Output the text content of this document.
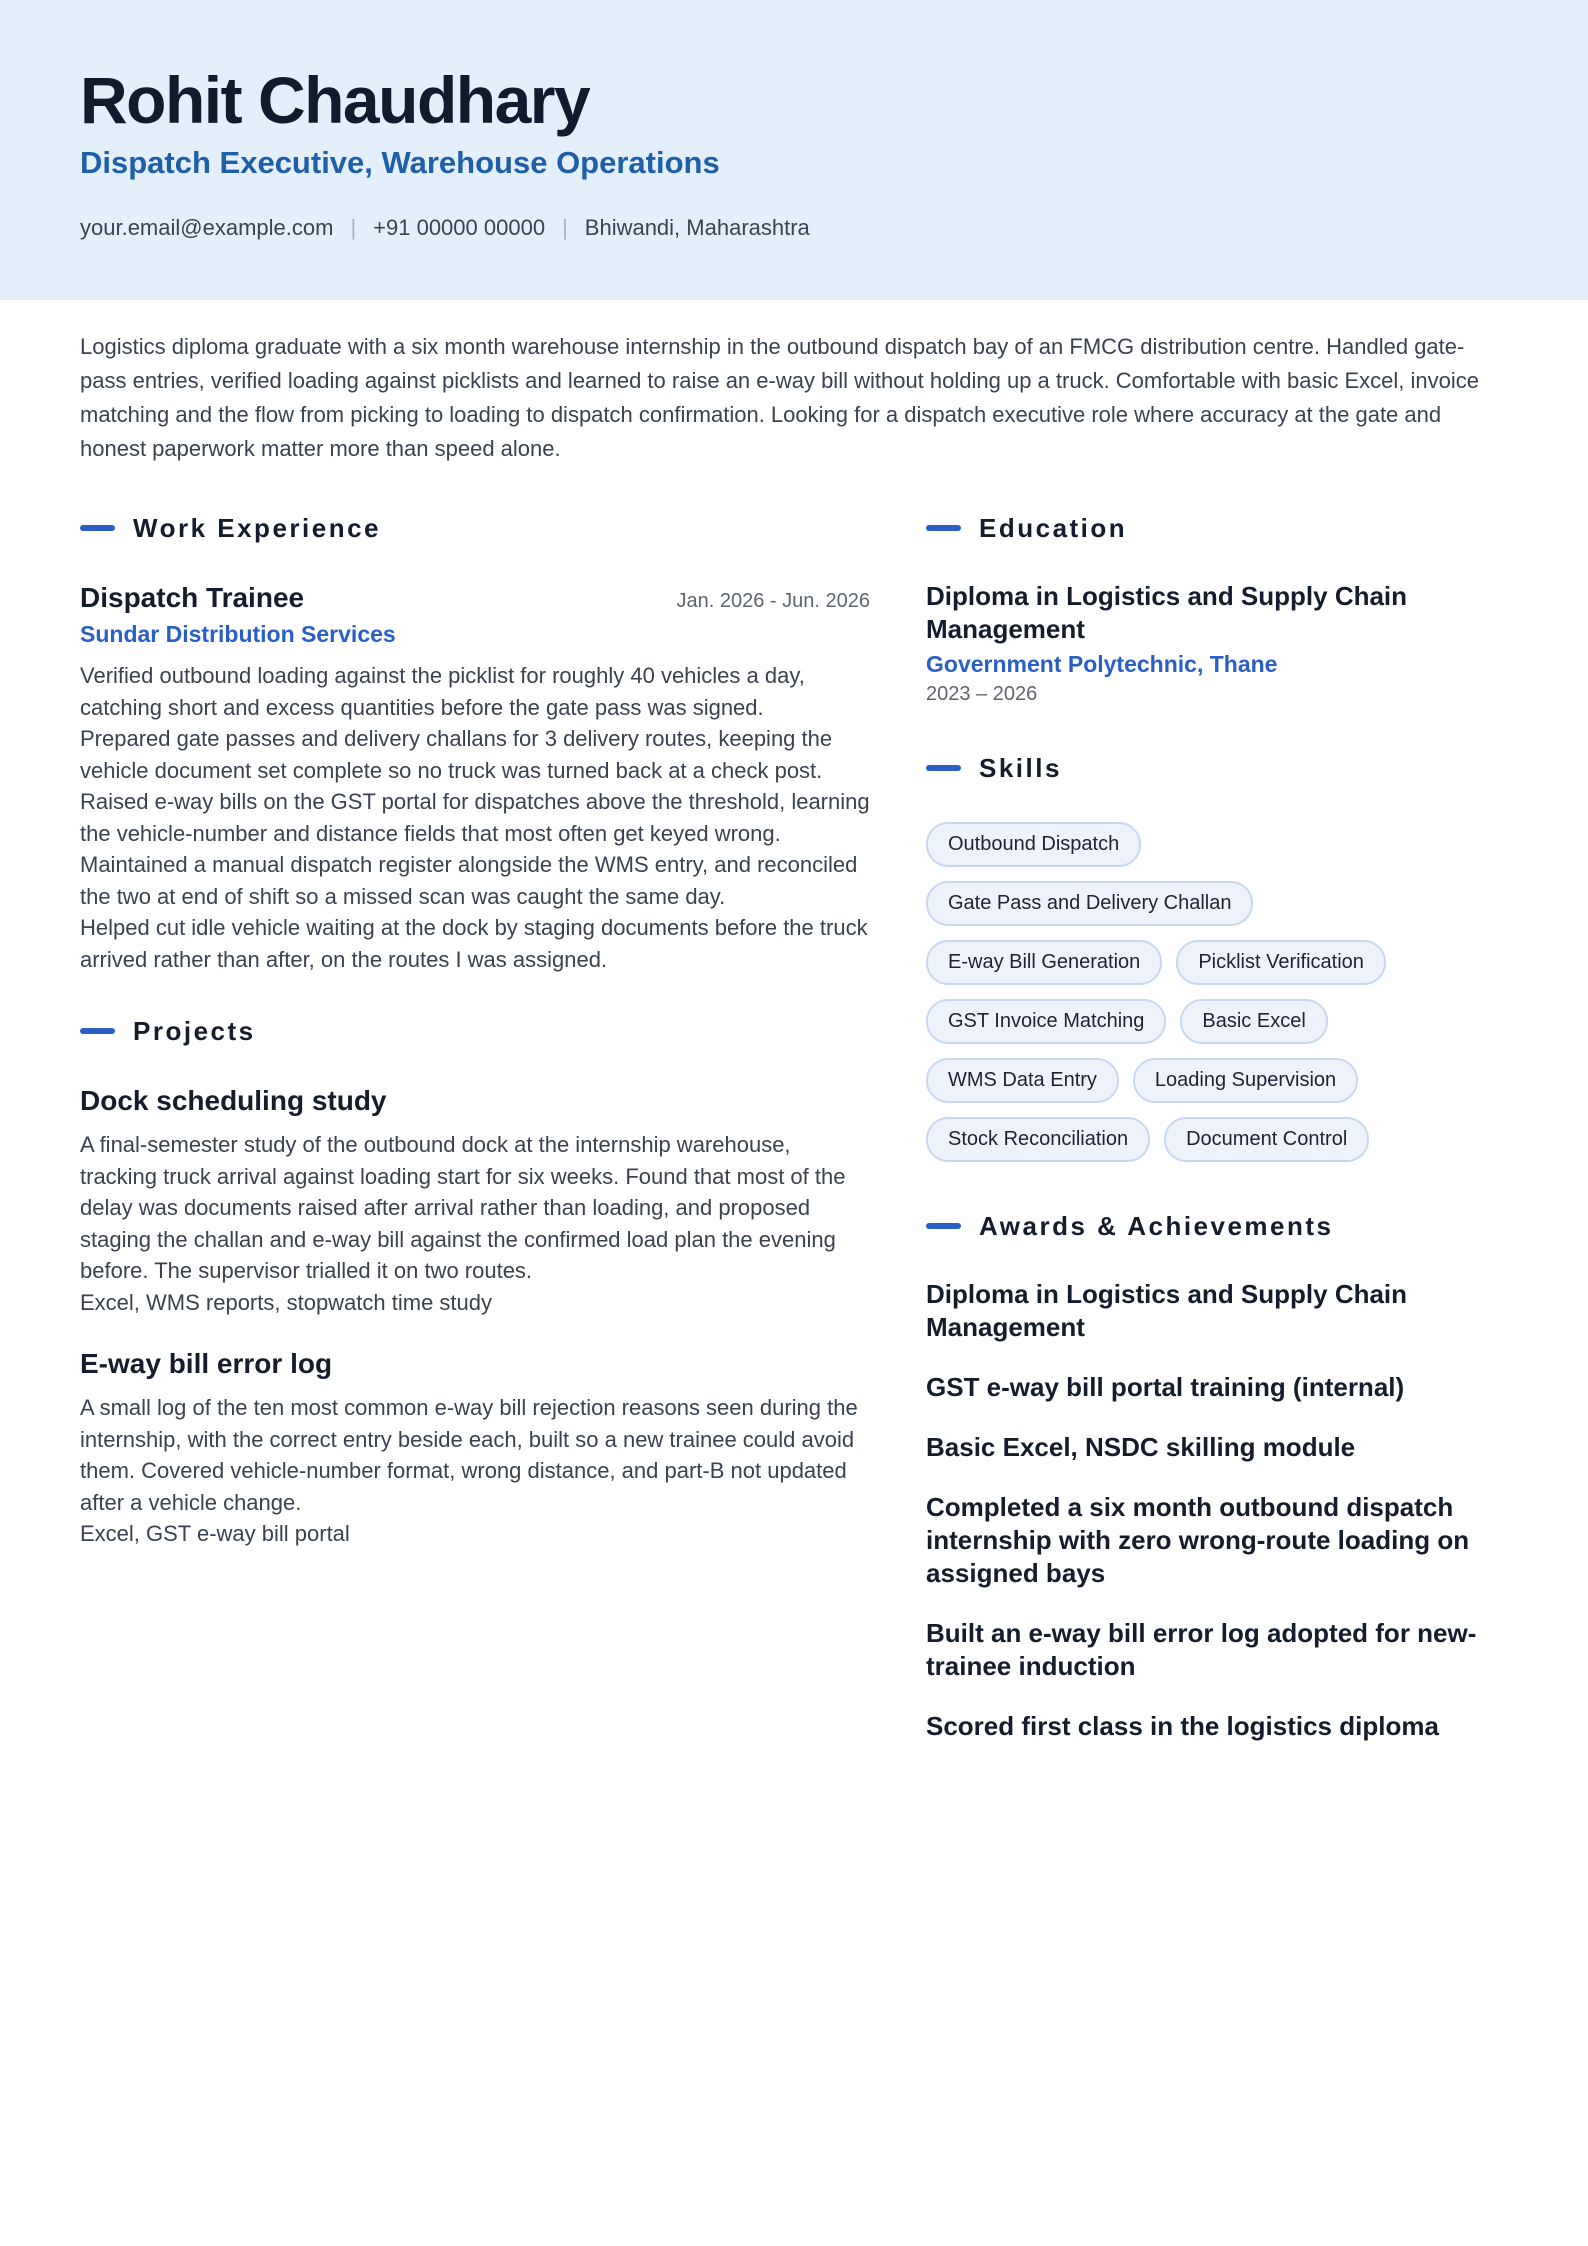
Rohit Chaudhary
Dispatch Executive, Warehouse Operations
your.email@example.com | +91 00000 00000 | Bhiwandi, Maharashtra
Logistics diploma graduate with a six month warehouse internship in the outbound dispatch bay of an FMCG distribution centre. Handled gate-pass entries, verified loading against picklists and learned to raise an e-way bill without holding up a truck. Comfortable with basic Excel, invoice matching and the flow from picking to loading to dispatch confirmation. Looking for a dispatch executive role where accuracy at the gate and honest paperwork matter more than speed alone.
Work Experience
Dispatch Trainee	Jan. 2026 - Jun. 2026
Sundar Distribution Services
Verified outbound loading against the picklist for roughly 40 vehicles a day, catching short and excess quantities before the gate pass was signed.
Prepared gate passes and delivery challans for 3 delivery routes, keeping the vehicle document set complete so no truck was turned back at a check post.
Raised e-way bills on the GST portal for dispatches above the threshold, learning the vehicle-number and distance fields that most often get keyed wrong.
Maintained a manual dispatch register alongside the WMS entry, and reconciled the two at end of shift so a missed scan was caught the same day.
Helped cut idle vehicle waiting at the dock by staging documents before the truck arrived rather than after, on the routes I was assigned.
Projects
Dock scheduling study
A final-semester study of the outbound dock at the internship warehouse, tracking truck arrival against loading start for six weeks. Found that most of the delay was documents raised after arrival rather than loading, and proposed staging the challan and e-way bill against the confirmed load plan the evening before. The supervisor trialled it on two routes.
Excel, WMS reports, stopwatch time study
E-way bill error log
A small log of the ten most common e-way bill rejection reasons seen during the internship, with the correct entry beside each, built so a new trainee could avoid them. Covered vehicle-number format, wrong distance, and part-B not updated after a vehicle change.
Excel, GST e-way bill portal
Education
Diploma in Logistics and Supply Chain Management
Government Polytechnic, Thane
2023 – 2026
Skills
Outbound Dispatch
Gate Pass and Delivery Challan
E-way Bill Generation	Picklist Verification
GST Invoice Matching	Basic Excel
WMS Data Entry	Loading Supervision
Stock Reconciliation	Document Control
Awards & Achievements
Diploma in Logistics and Supply Chain Management
GST e-way bill portal training (internal)
Basic Excel, NSDC skilling module
Completed a six month outbound dispatch internship with zero wrong-route loading on assigned bays
Built an e-way bill error log adopted for new-trainee induction
Scored first class in the logistics diploma
